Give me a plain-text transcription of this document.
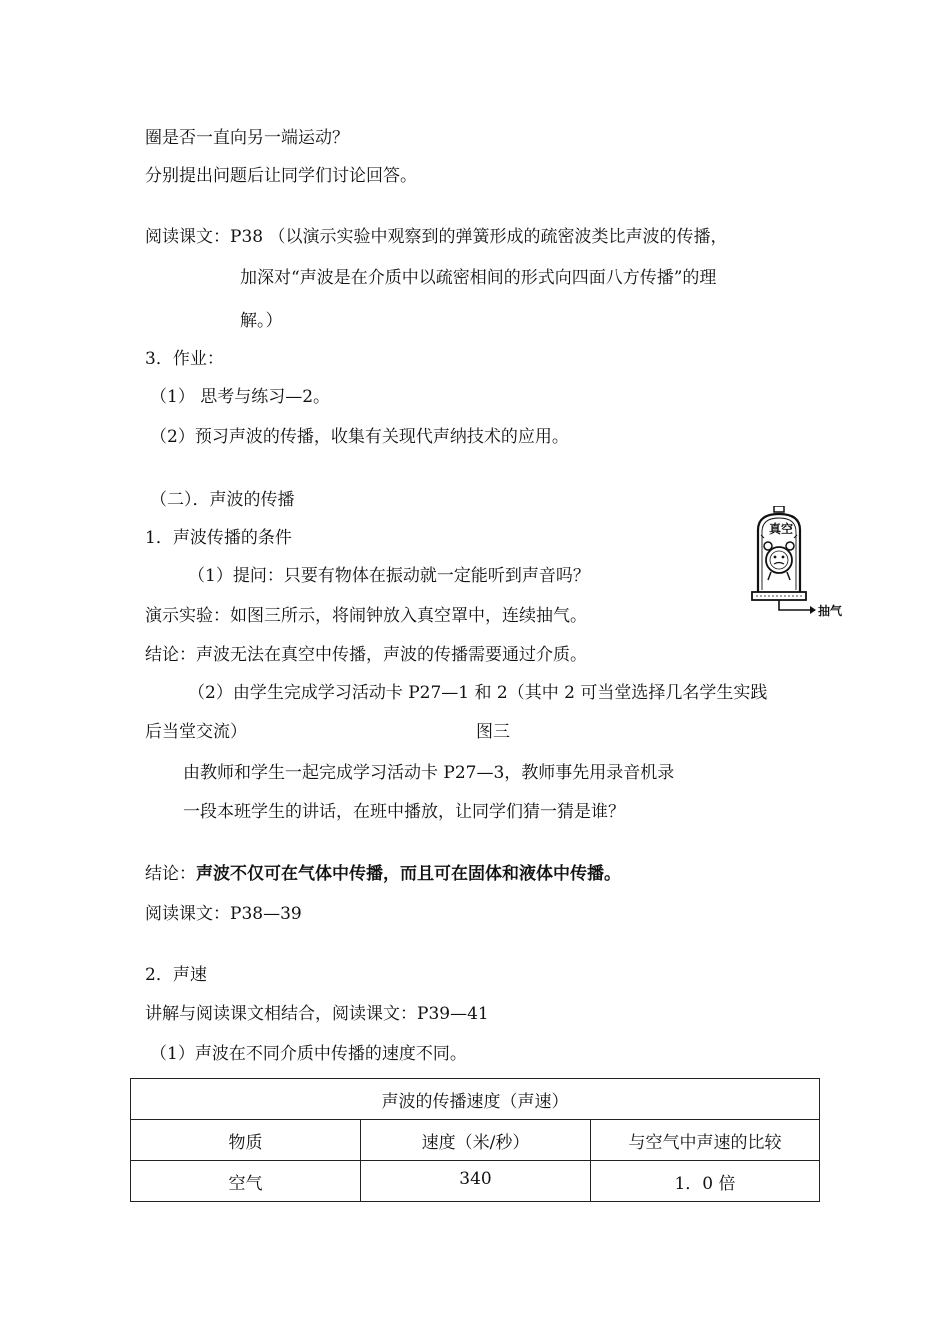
圈是否一直向另一端运动？
分别提出问题后让同学们讨论回答。
阅读课文：P38 （以演示实验中观察到的弹簧形成的疏密波类比声波的传播，
加深对“声波是在介质中以疏密相间的形式向四面八方传播”的理
解。）
3．作业：
（1） 思考与练习—2。
（2）预习声波的传播，收集有关现代声纳技术的应用。
（二）．声波的传播
1．声波传播的条件
（1）提问：只要有物体在振动就一定能听到声音吗？
演示实验：如图三所示，将闹钟放入真空罩中，连续抽气。
结论：声波无法在真空中传播，声波的传播需要通过介质。
（2）由学生完成学习活动卡 P27—1 和 2（其中 2 可当堂选择几名学生实践
后当堂交流）	图三
由教师和学生一起完成学习活动卡 P27—3，教师事先用录音机录
一段本班学生的讲话，在班中播放，让同学们猜一猜是谁？
结论：声波不仅可在气体中传播，而且可在固体和液体中传播。
阅读课文：P38—39
2．声速
讲解与阅读课文相结合，阅读课文：P39—41
（1）声波在不同介质中传播的速度不同。
真空
抽气
声波的传播速度（声速）		
物质	速度（米/秒）	与空气中声速的比较
空气	340	1．0 倍
